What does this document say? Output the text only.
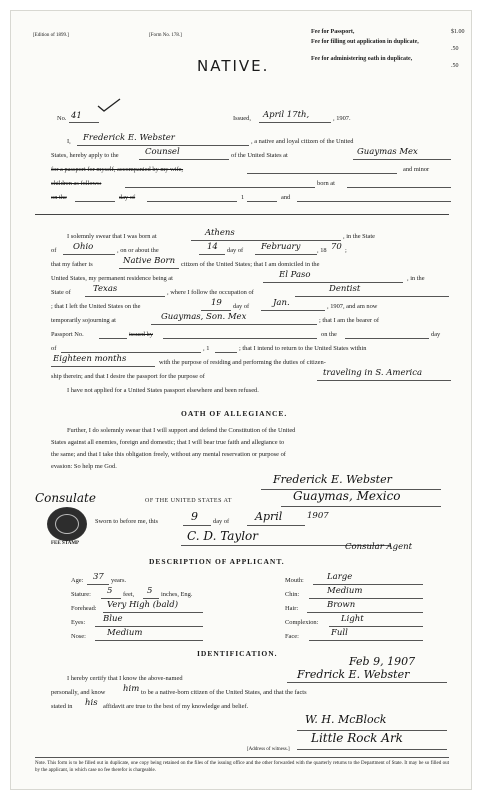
[Edition of 1899.]	[Form No. 178.]
Fee for Passport,	$1.00
Fee for filling out application in duplicate,
.50
Fee for administering oath in duplicate,
.50
NATIVE.
No. 41	Issued, April 17th,	, 1907.
I, Frederick E. Webster	, a native and loyal citizen of the United
States, hereby apply to the	Counsel	of the United States at	Guaymas Mex
for a passport for myself, accompanied by my wife,	and minor
children as follows:	born at
on the	day of	1	and
I solemnly swear that I was born at	Athens	, in the State
of Ohio	, on or about the	14 day of February	, 18 70 ;
that my father is	Native Born citizen of the United States; that I am domiciled in the
United States, my permanent residence being at	El Paso	, in the
State of	Texas	, where I follow the occupation of	Dentist
; that I left the United States on the	19 day of	Jan.	, 1907, and am now
temporarily sojourning at	Guaymas, Son. Mex	; that I am the bearer of
Passport No.	issued by	on the	day
of	, 1	; that I intend to return to the United States within
Eighteen months	with the purpose of residing and performing the duties of citizen-
ship therein; and that I desire the passport for the purpose of	traveling in S. America
I have not applied for a United States passport elsewhere and been refused.
OATH OF ALLEGIANCE.
Further, I do solemnly swear that I will support and defend the Constitution of the United
States against all enemies, foreign and domestic; that I will bear true faith and allegiance to
the same; and that I take this obligation freely, without any mental reservation or purpose of
evasion: So help me God.
Frederick E. Webster
Consulate	OF THE UNITED STATES AT	Guaymas, Mexico
FEE STAMP
Sworn to before me, this	9 day of April	1907
C. D. Taylor
Consular Agent
DESCRIPTION OF APPLICANT.
Age: 37 years.
Stature: 5 feet, 5 inches, Eng.
Forehead: Very High (bald)
Eyes: Blue
Nose: Medium
Mouth:	Large
Chin:	Medium
Hair:	Brown
Complexion:	Light
Face:	Full
IDENTIFICATION.
Feb 9, 1907
I hereby certify that I know the above-named	Fredrick E. Webster
personally, and know him to be a native-born citizen of the United States, and that the facts
stated in his affidavit are true to the best of my knowledge and belief.
W. H. McBlock
Little Rock Ark
[Address of witness.]
Note. This form is to be filled out in duplicate, one copy being retained on the files of the issuing office and the other forwarded with the quarterly returns to the Department of State. It may be so filled out by the applicant, in which case no fee therefor is chargeable.
